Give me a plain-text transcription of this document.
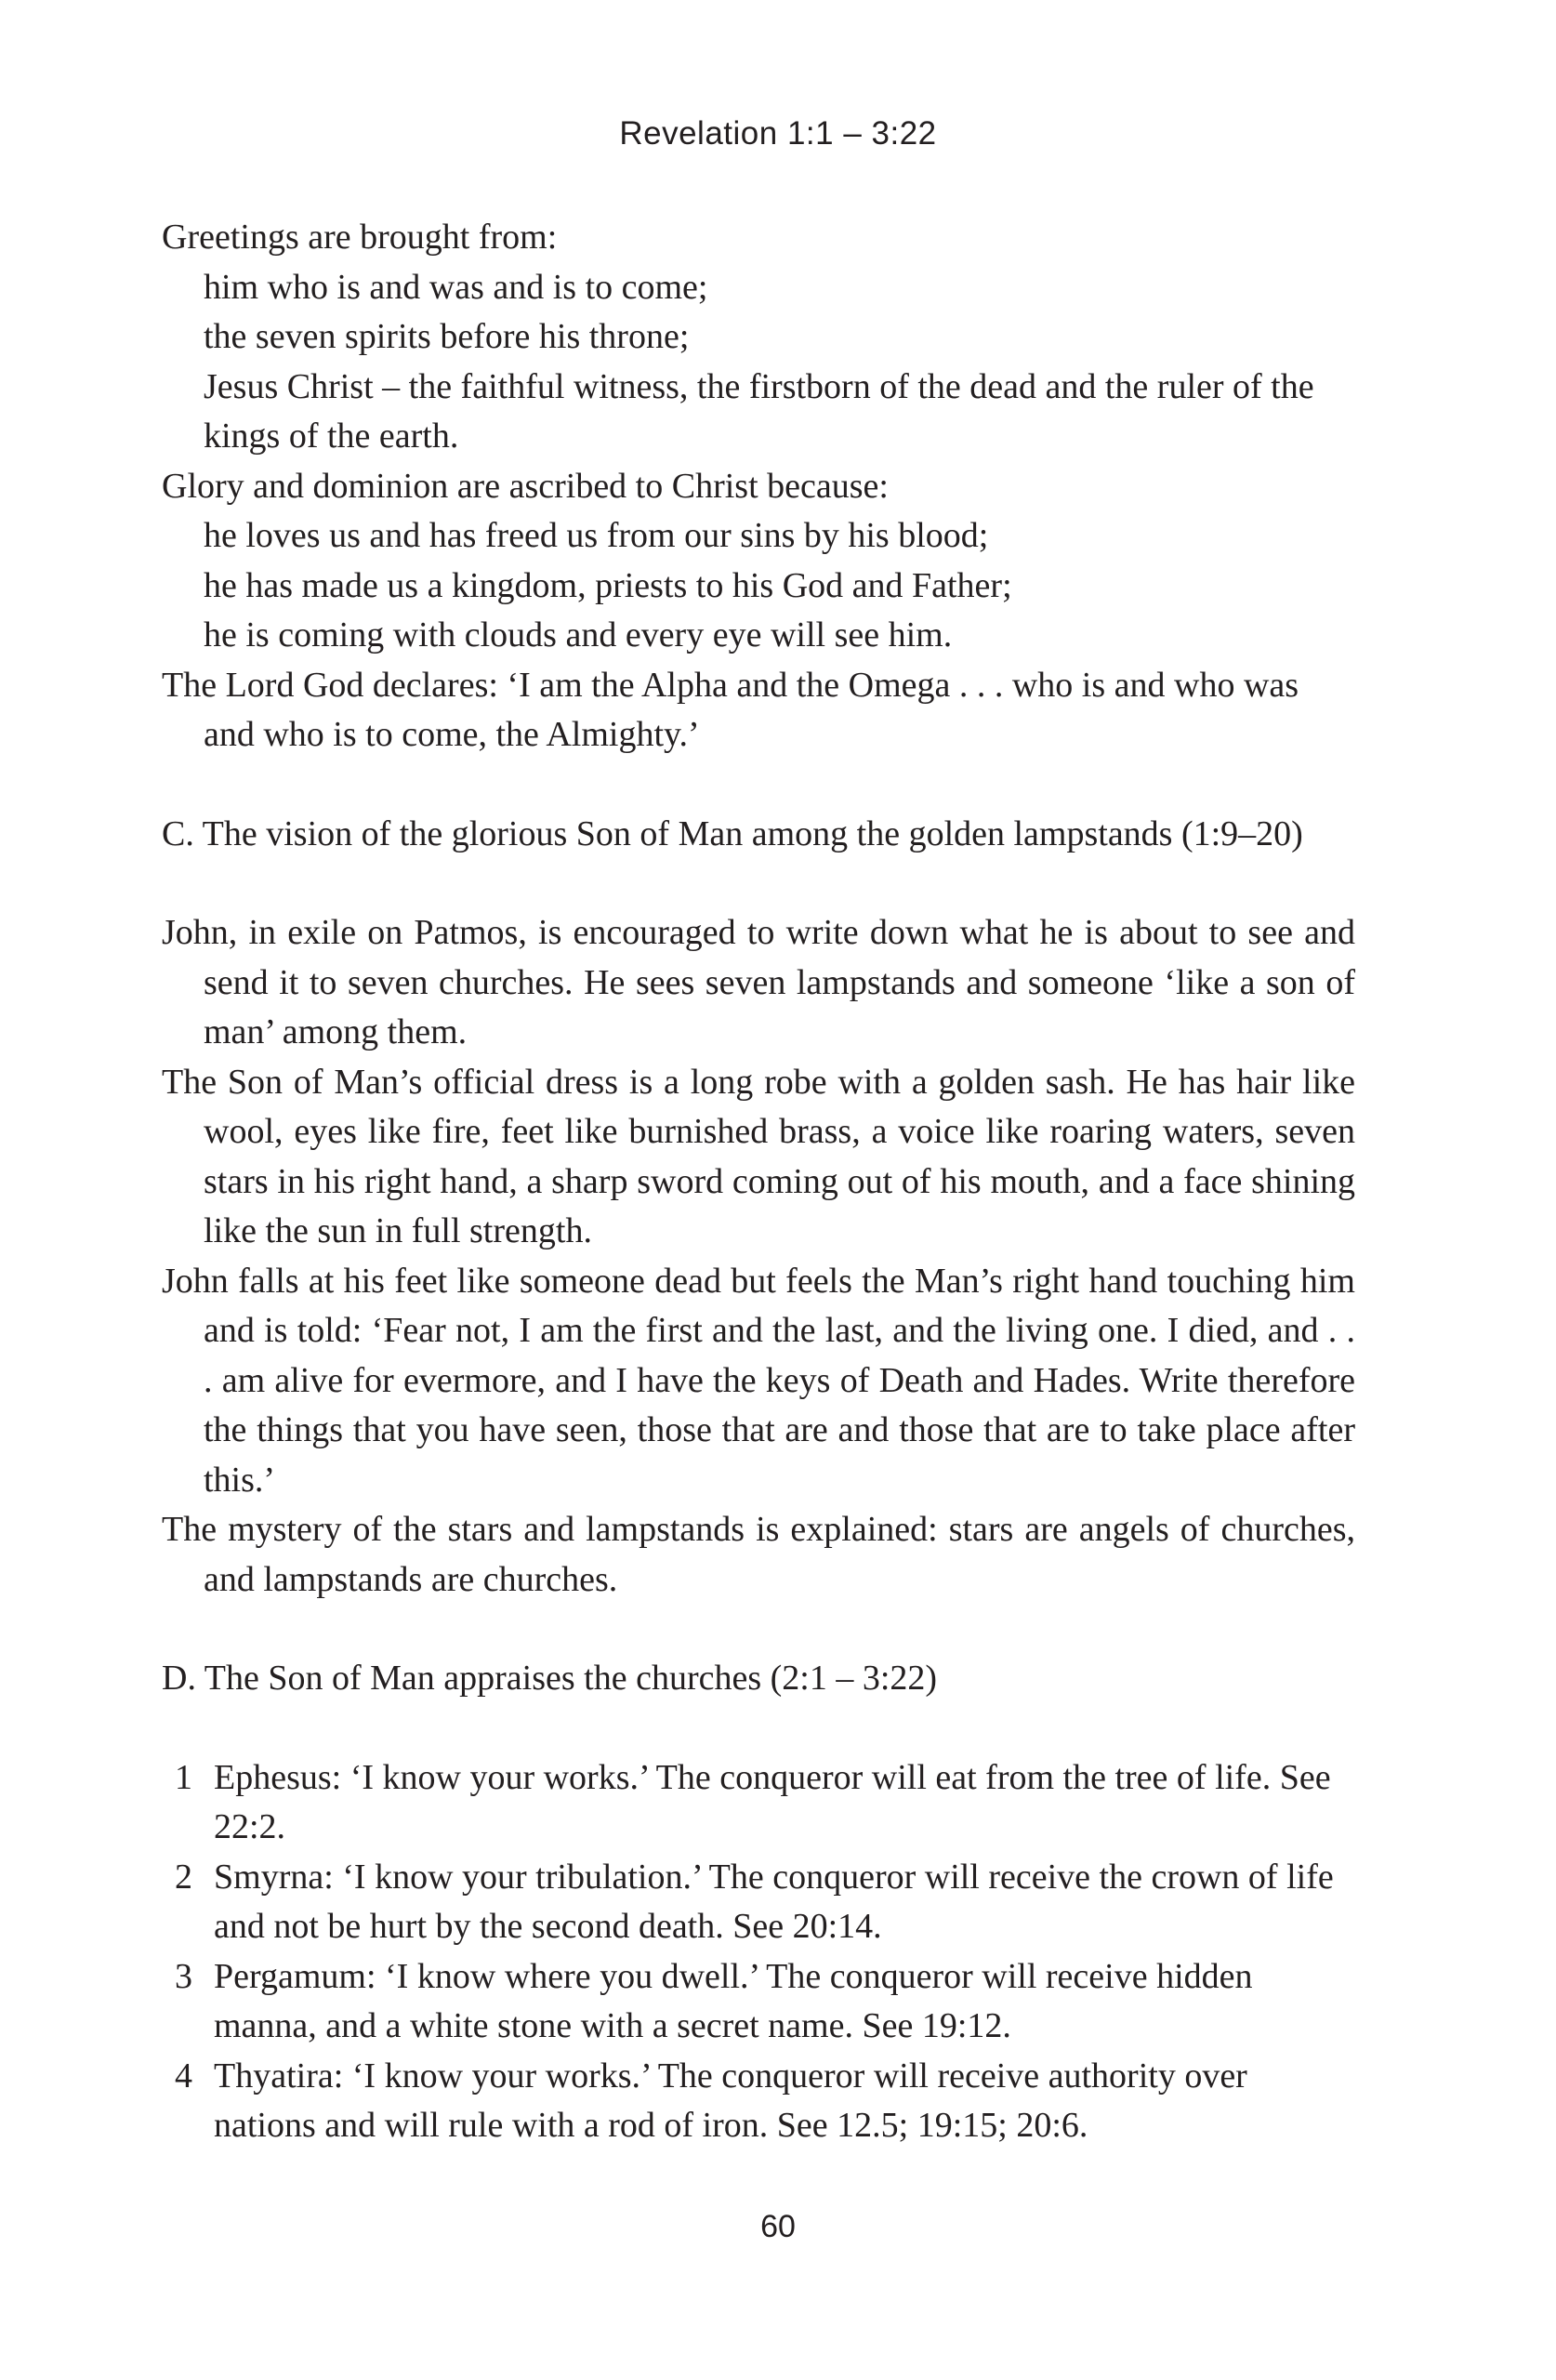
Revelation 1:1 – 3:22

Greetings are brought from:

him who is and was and is to come;

the seven spirits before his throne;

Jesus Christ – the faithful witness, the firstborn of the dead and the ruler of the kings of the earth.

Glory and dominion are ascribed to Christ because:

he loves us and has freed us from our sins by his blood;

he has made us a kingdom, priests to his God and Father;

he is coming with clouds and every eye will see him.

The Lord God declares: ‘I am the Alpha and the Omega . . . who is and who was and who is to come, the Almighty.’

C. The vision of the glorious Son of Man among the golden lampstands (1:9–20)

John, in exile on Patmos, is encouraged to write down what he is about to see and send it to seven churches. He sees seven lampstands and someone ‘like a son of man’ among them.

The Son of Man’s official dress is a long robe with a golden sash. He has hair like wool, eyes like fire, feet like burnished brass, a voice like roaring waters, seven stars in his right hand, a sharp sword coming out of his mouth, and a face shining like the sun in full strength.

John falls at his feet like someone dead but feels the Man’s right hand touching him and is told: ‘Fear not, I am the first and the last, and the living one. I died, and . . . am alive for evermore, and I have the keys of Death and Hades. Write therefore the things that you have seen, those that are and those that are to take place after this.’

The mystery of the stars and lampstands is explained: stars are angels of churches, and lampstands are churches.

D. The Son of Man appraises the churches (2:1 – 3:22)

1 Ephesus: ‘I know your works.’ The conqueror will eat from the tree of life. See 22:2.

2 Smyrna: ‘I know your tribulation.’ The conqueror will receive the crown of life and not be hurt by the second death. See 20:14.

3 Pergamum: ‘I know where you dwell.’ The conqueror will receive hidden manna, and a white stone with a secret name. See 19:12.

4 Thyatira: ‘I know your works.’ The conqueror will receive authority over nations and will rule with a rod of iron. See 12.5; 19:15; 20:6.

60
